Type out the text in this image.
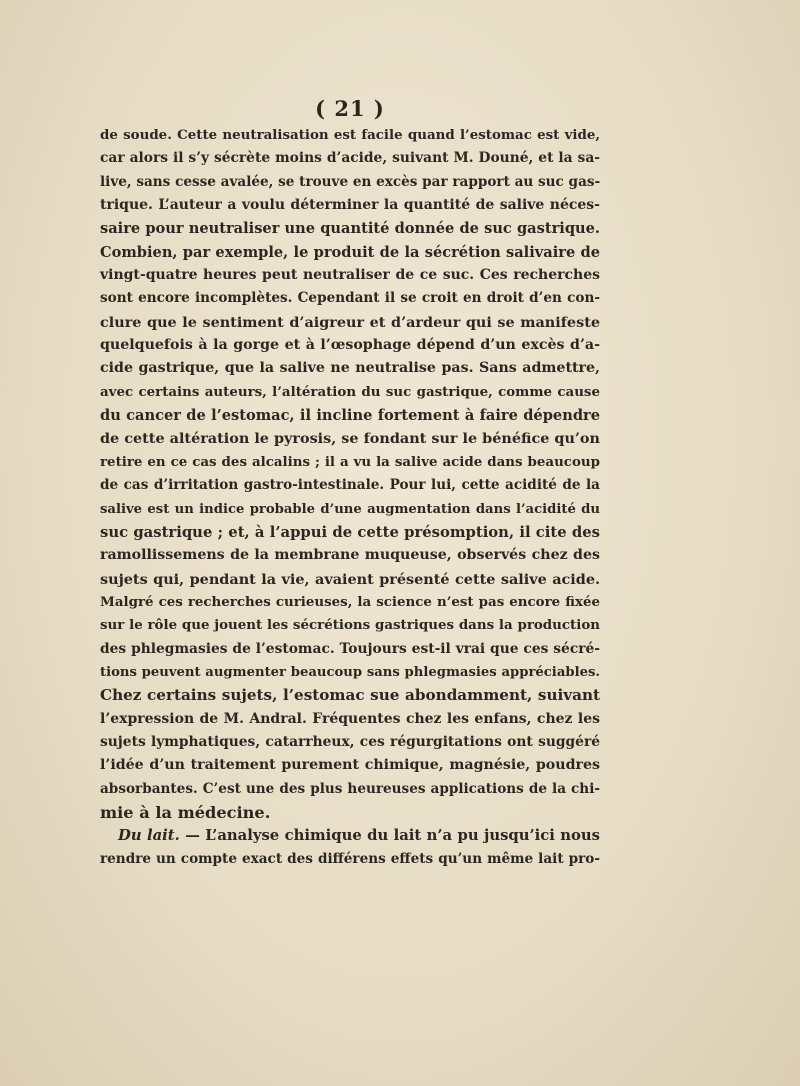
( 21 )
de soude. Cette neutralisation est facile quand l’estomac est vide,
car alors il s’y sécrète moins d’acide, suivant M. Douné, et la sa-
live, sans cesse avalée, se trouve en excès par rapport au suc gas-
trique. L’auteur a voulu déterminer la quantité de salive néces-
saire pour neutraliser une quantité donnée de suc gastrique.
Combien, par exemple, le produit de la sécrétion salivaire de
vingt-quatre heures peut neutraliser de ce suc. Ces recherches
sont encore incomplètes. Cependant il se croit en droit d’en con-
clure que le sentiment d’aigreur et d’ardeur qui se manifeste
quelquefois à la gorge et à l’œsophage dépend d’un excès d’a-
cide gastrique, que la salive ne neutralise pas. Sans admettre,
avec certains auteurs, l’altération du suc gastrique, comme cause
du cancer de l’estomac, il incline fortement à faire dépendre
de cette altération le pyrosis, se fondant sur le bénéfice qu’on
retire en ce cas des alcalins ; il a vu la salive acide dans beaucoup
de cas d’irritation gastro-intestinale. Pour lui, cette acidité de la
salive est un indice probable d’une augmentation dans l’acidité du
suc gastrique ; et, à l’appui de cette présomption, il cite des
ramollissemens de la membrane muqueuse, observés chez des
sujets qui, pendant la vie, avaient présenté cette salive acide.
Malgré ces recherches curieuses, la science n’est pas encore fixée
sur le rôle que jouent les sécrétions gastriques dans la production
des phlegmasies de l’estomac. Toujours est-il vrai que ces sécré-
tions peuvent augmenter beaucoup sans phlegmasies appréciables.
Chez certains sujets, l’estomac sue abondamment, suivant
l’expression de M. Andral. Fréquentes chez les enfans, chez les
sujets lymphatiques, catarrheux, ces régurgitations ont suggéré
l’idée d’un traitement purement chimique, magnésie, poudres
absorbantes. C’est une des plus heureuses applications de la chi-
mie à la médecine.
Du lait. — L’analyse chimique du lait n’a pu jusqu’ici nous
rendre un compte exact des différens effets qu’un même lait pro-
